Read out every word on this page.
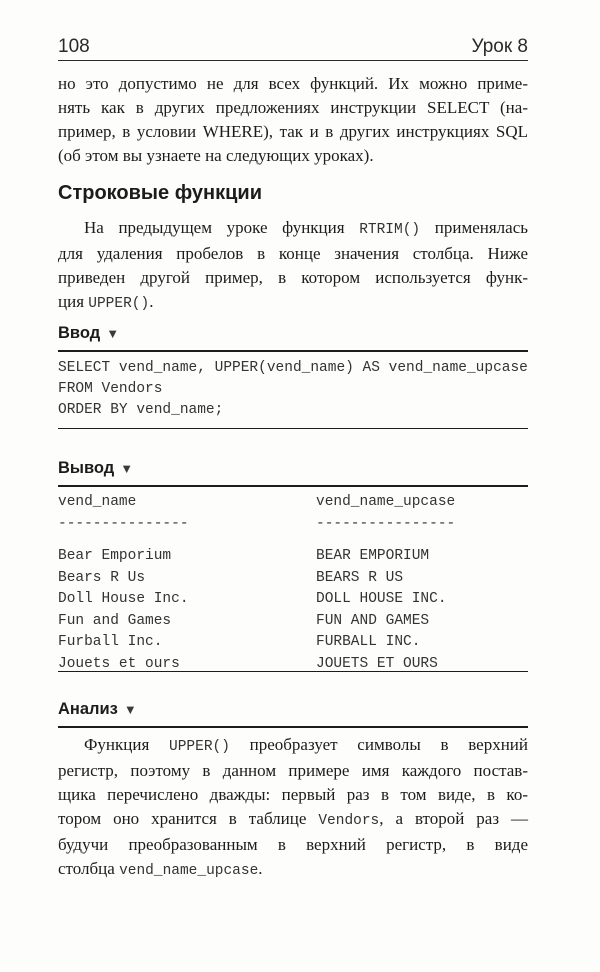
108	Урок 8

но это допустимо не для всех функций. Их можно приме-
нять как в других предложениях инструкции SELECT (на-
пример, в условии WHERE), так и в других инструкциях SQL
(об этом вы узнаете на следующих уроках).

Строковые функции

На предыдущем уроке функция RTRIM() применялась
для удаления пробелов в конце значения столбца. Ниже
приведен другой пример, в котором используется функ-
ция UPPER().

Ввод ▼
SELECT vend_name, UPPER(vend_name) AS vend_name_upcase
FROM Vendors
ORDER BY vend_name;
Вывод ▼
vend_name	vend_name_upcase
---------------	----------------
Bear Emporium	BEAR EMPORIUM
Bears R Us	BEARS R US
Doll House Inc.	DOLL HOUSE INC.
Fun and Games	FUN AND GAMES
Furball Inc.	FURBALL INC.
Jouets et ours	JOUETS ET OURS
Анализ ▼

Функция UPPER() преобразует символы в верхний
регистр, поэтому в данном примере имя каждого постав-
щика перечислено дважды: первый раз в том виде, в ко-
тором оно хранится в таблице Vendors, а второй раз —
будучи преобразованным в верхний регистр, в виде
столбца vend_name_upcase.
